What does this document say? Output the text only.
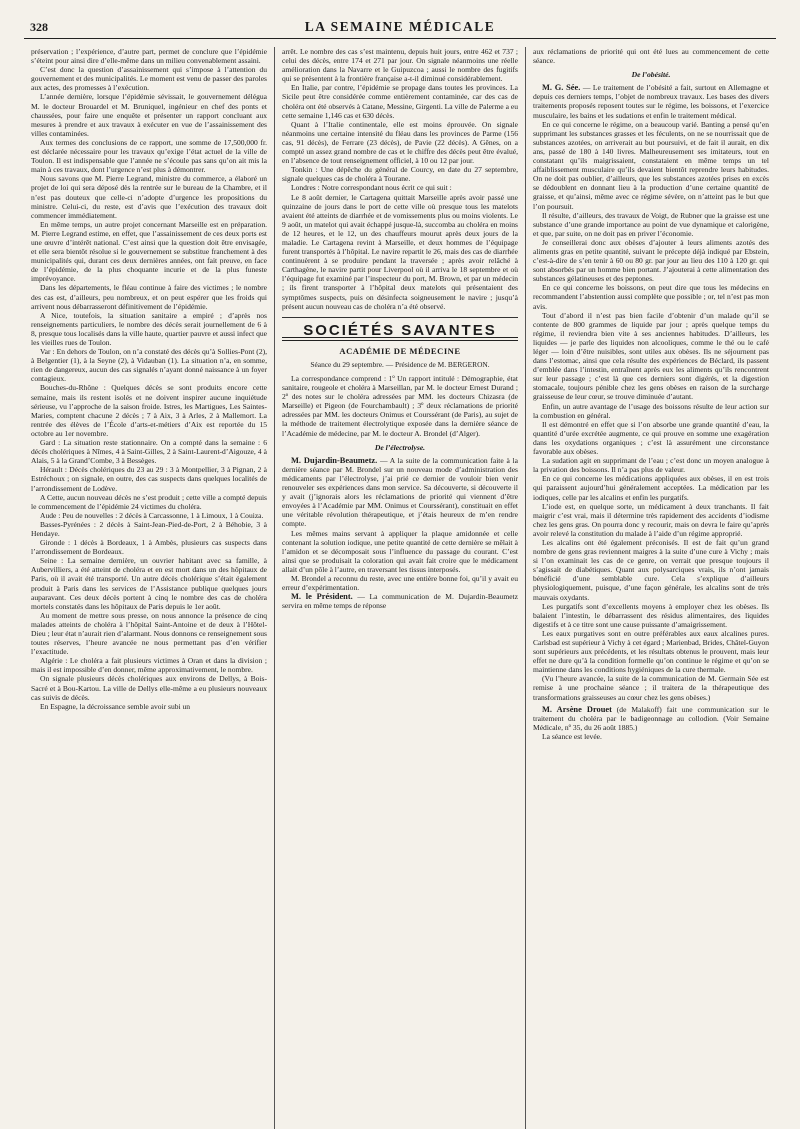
328	LA SEMAINE MÉDICALE

préservation ; l’expérience, d’autre part, permet de conclure que l’épidémie s’éteint pour ainsi dire d’elle-même dans un milieu convenablement assaini.

C’est donc la question d’assainissement qui s’impose à l’attention du gouvernement et des municipalités. Le moment est venu de passer des paroles aux actes, des promesses à l’exécution.

L’année dernière, lorsque l’épidémie sévissait, le gouvernement délégua M. le docteur Brouardel et M. Bruniquel, ingénieur en chef des ponts et chaussées, pour faire une enquête et présenter un rapport concluant aux mesures à prendre et aux travaux à exécuter en vue de l’assainissement des villes contaminées.

Aux termes des conclusions de ce rapport, une somme de 17,500,000 fr. est déclarée nécessaire pour les travaux qu’exige l’état actuel de la ville de Toulon. Il est indispensable que l’année ne s’écoule pas sans qu’on ait mis la main à ces travaux, dont l’urgence n’est plus à démontrer.

Nous savons que M. Pierre Legrand, ministre du commerce, a élaboré un projet de loi qui sera déposé dès la rentrée sur le bureau de la Chambre, et il n’est pas douteux que celle-ci n’adopte d’urgence les propositions du ministre. Celui-ci, du reste, est d’avis que l’exécution des travaux doit commencer immédiatement.

En même temps, un autre projet concernant Marseille est en préparation. M. Pierre Legrand estime, en effet, que l’assainissement de ces deux ports est une œuvre d’intérêt national. C’est ainsi que la question doit être envisagée, et elle sera bientôt résolue si le gouvernement se substitue franchement à des municipalités qui, durant ces deux dernières années, ont fait preuve, en face de l’épidémie, de la plus choquante incurie et de la plus funeste imprévoyance.

Dans les départements, le fléau continue à faire des victimes ; le nombre des cas est, d’ailleurs, peu nombreux, et on peut espérer que les froids qui arrivent nous débarrasseront définitivement de l’épidémie.

A Nice, toutefois, la situation sanitaire a empiré ; d’après nos renseignements particuliers, le nombre des décès serait journellement de 6 à 8, presque tous localisés dans la ville haute, quartier pauvre et aussi infect que les vieilles rues de Toulon.

Var : En dehors de Toulon, on n’a constaté des décès qu’à Sollies-Pont (2), à Belgentier (1), à la Seyne (2), à Vidauban (1). La situation n’a, en somme, rien de dangereux, aucun des cas signalés n’ayant donné naissance à un foyer contagieux.

Bouches-du-Rhône : Quelques décès se sont produits encore cette semaine, mais ils restent isolés et ne doivent inspirer aucune inquiétude sérieuse, vu l’approche de la saison froide. Istres, les Martigues, Les Saintes-Maries, comptent chacune 2 décès ; 7 à Aix, 3 à Arles, 2 à Mallemort. La rentrée des élèves de l’École d’arts-et-métiers d’Aix est reportée du 15 octobre au 1er novembre.

Gard : La situation reste stationnaire. On a compté dans la semaine : 6 décès cholériques à Nîmes, 4 à Saint-Gilles, 2 à Saint-Laurent-d’Aigouze, 4 à Alais, 5 à la Grand’Combe, 3 à Bessèges.

Hérault : Décès cholériques du 23 au 29 : 3 à Montpellier, 3 à Pignan, 2 à Estréchoux ; on signale, en outre, des cas suspects dans quelques localités de l’arrondissement de Lodève.

A Cette, aucun nouveau décès ne s’est produit ; cette ville a compté depuis le commencement de l’épidémie 24 victimes du choléra.

Aude : Peu de nouvelles : 2 décès à Carcassonne, 1 à Limoux, 1 à Couiza.

Basses-Pyrénées : 2 décès à Saint-Jean-Pied-de-Port, 2 à Béhobie, 3 à Hendaye.

Gironde : 1 décès à Bordeaux, 1 à Ambès, plusieurs cas suspects dans l’arrondissement de Bordeaux.

Seine : La semaine dernière, un ouvrier habitant avec sa famille, à Aubervilliers, a été atteint de choléra et en est mort dans un des hôpitaux de Paris, où il avait été transporté. Un autre décès cholérique s’était également produit à Paris dans les services de l’Assistance publique quelques jours auparavant. Ces deux décès portent à cinq le nombre des cas de choléra mortels constatés dans les hôpitaux de Paris depuis le 1er août.

Au moment de mettre sous presse, on nous annonce la présence de cinq malades atteints de choléra à l’hôpital Saint-Antoine et de deux à l’Hôtel-Dieu ; leur état n’aurait rien d’alarmant. Nous donnons ce renseignement sous toutes réserves, l’heure avancée ne nous permettant pas d’en vérifier l’exactitude.

Algérie : Le choléra a fait plusieurs victimes à Oran et dans la division ; mais il est impossible d’en donner, même approximativement, le nombre.

On signale plusieurs décès cholériques aux environs de Dellys, à Bois-Sacré et à Bou-Kartou. La ville de Dellys elle-même a eu plusieurs nouveaux cas suivis de décès.

En Espagne, la décroissance semble avoir subi un

arrêt. Le nombre des cas s’est maintenu, depuis huit jours, entre 462 et 737 ; celui des décès, entre 174 et 271 par jour. On signale néanmoins une réelle amélioration dans la Navarre et le Guipuzcoa ; aussi le nombre des fugitifs qui se présentent à la frontière française a-t-il diminué considérablement.

En Italie, par contre, l’épidémie se propage dans toutes les provinces. La Sicile peut être considérée comme entièrement contaminée, car des cas de choléra ont été observés à Catane, Messine, Girgenti. La ville de Palerme a eu cette semaine 1,146 cas et 630 décès.

Quant à l’Italie continentale, elle est moins éprouvée. On signale néanmoins une certaine intensité du fléau dans les provinces de Parme (156 cas, 91 décès), de Ferrare (23 décès), de Pavie (22 décès). A Gênes, on a compté un assez grand nombre de cas et le chiffre des décès peut être évalué, en l’absence de tout renseignement officiel, à 10 ou 12 par jour.

Tonkin : Une dépêche du général de Courcy, en date du 27 septembre, signale quelques cas de choléra à Tourane.

Londres : Notre correspondant nous écrit ce qui suit :

Le 8 août dernier, le Cartagena quittait Marseille après avoir passé une quinzaine de jours dans le port de cette ville où presque tous les matelots avaient été atteints de diarrhée et de vomissements plus ou moins violents. Le 9 août, un matelot qui avait échappé jusque-là, succomba au choléra en moins de 12 heures, et le 12, un des chauffeurs mourut après deux jours de la maladie. Le Cartagena revint à Marseille, et deux hommes de l’équipage furent transportés à l’hôpital. Le navire repartit le 26, mais des cas de diarrhée continuèrent à se produire pendant la traversée ; après avoir relâché à Carthagène, le navire partit pour Liverpool où il arriva le 18 septembre et où l’équipage fut examiné par l’inspecteur du port, M. Brown, et par un médecin ; ils firent transporter à l’hôpital deux matelots qui présentaient des symptômes suspects, puis on désinfecta soigneusement le navire ; jusqu’à présent aucun nouveau cas de choléra n’a été observé.

SOCIÉTÉS SAVANTES
ACADÉMIE DE MÉDECINE
Séance du 29 septembre. — Présidence de M. BERGERON.

La correspondance comprend : 1º Un rapport intitulé : Démographie, état sanitaire, rougeole et choléra à Marseillan, par M. le docteur Ernest Durand ; 2º des notes sur le choléra adressées par MM. les docteurs Chizasra (de Marseille) et Pigeon (de Fourchambault) ; 3º deux réclamations de priorité adressées par MM. les docteurs Onimus et Courssérant (de Paris), au sujet de la méthode de traitement électrolytique exposée dans la dernière séance de l’Académie de médecine, par M. le docteur A. Brondel (d’Alger).

De l’électrolyse.

M. Dujardin-Beaumetz. — A la suite de la communication faite à la dernière séance par M. Brondel sur un nouveau mode d’administration des médicaments par l’électrolyse, j’ai prié ce dernier de vouloir bien venir renouveler ses expériences dans mon service. Sa découverte, si découverte il y avait (j’ignorais alors les réclamations de priorité qui viennent d’être envoyées à l’Académie par MM. Onimus et Courssérant), constituait en effet une véritable révolution thérapeutique, et j’étais heureux de m’en rendre compte.

Les mêmes mains servant à appliquer la plaque amidonnée et celle contenant la solution iodique, une petite quantité de cette dernière se mêlait à l’amidon et se décomposait sous l’influence du passage du courant. C’est ainsi que se produisait la coloration qui avait fait croire que le médicament allait d’un pôle à l’autre, en traversant les tissus interposés.

M. Brondel a reconnu du reste, avec une entière bonne foi, qu’il y avait eu erreur d’expérimentation.

M. le Président. — La communication de M. Dujardin-Beaumetz servira en même temps de réponse

aux réclamations de priorité qui ont été lues au commencement de cette séance.

De l’obésité.

M. G. Sée. — Le traitement de l’obésité a fait, surtout en Allemagne et depuis ces derniers temps, l’objet de nombreux travaux. Les bases des divers traitements proposés reposent toutes sur le régime, les boissons, et l’exercice musculaire, les bains et les sudations et enfin le traitement médical.

En ce qui concerne le régime, on a beaucoup varié. Banting a pensé qu’en supprimant les substances grasses et les féculents, on ne se nourrissait que de substances azotées, on arriverait au but poursuivi, et de fait il aurait, en dix ans, passé de 180 à 140 livres. Malheureusement ses imitateurs, tout en constatant qu’ils maigrissaient, constataient en même temps un tel affaiblissement musculaire qu’ils devaient bientôt reprendre leurs habitudes. On ne doit pas oublier, d’ailleurs, que les substances azotées prises en excès se dédoublent en donnant lieu à la production d’une certaine quantité de graisse, et qu’ainsi, même avec ce régime sévère, on n’atteint pas le but que l’on poursuit.

Il résulte, d’ailleurs, des travaux de Voigt, de Rubner que la graisse est une substance d’une grande importance au point de vue dynamique et calorigène, et que, par suite, on ne doit pas en priver l’économie.

Je conseillerai donc aux obèses d’ajouter à leurs aliments azotés des aliments gras en petite quantité, suivant le précepte déjà indiqué par Ebstein, c’est-à-dire de s’en tenir à 60 ou 80 gr. par jour au lieu des 110 à 120 gr. qui sont absorbés par un homme bien portant. J’ajouterai à cette alimentation des substances gélatineuses et des peptones.

En ce qui concerne les boissons, on peut dire que tous les médecins en recommandent l’abstention aussi complète que possible ; or, tel n’est pas mon avis.

Tout d’abord il n’est pas bien facile d’obtenir d’un malade qu’il se contente de 800 grammes de liquide par jour ; après quelque temps du régime, il reviendra bien vite à ses anciennes habitudes. D’ailleurs, les liquides — je parle des liquides non alcooliques, comme le thé ou le café léger — loin d’être nuisibles, sont utiles aux obèses. Ils ne séjournent pas dans l’estomac, ainsi que cela résulte des expériences de Béclard, ils passent d’emblée dans l’intestin, entraînent après eux les aliments qu’ils rencontrent sur leur passage ; c’est là que ces derniers sont digérés, et la digestion stomacale, toujours pénible chez les gens obèses en raison de la surcharge graisseuse de leur cœur, se trouve diminuée d’autant.

Enfin, un autre avantage de l’usage des boissons résulte de leur action sur la combustion en général.

Il est démontré en effet que si l’on absorbe une grande quantité d’eau, la quantité d’urée excrétée augmente, ce qui prouve en somme une exagération dans les oxydations organiques ; c’est là assurément une circonstance favorable aux obèses.

La sudation agit en supprimant de l’eau ; c’est donc un moyen analogue à la privation des boissons. Il n’a pas plus de valeur.

En ce qui concerne les médications appliquées aux obèses, il en est trois qui paraissent aujourd’hui généralement acceptées. La médication par les iodiques, celle par les alcalins et enfin les purgatifs.

L’iode est, en quelque sorte, un médicament à deux tranchants. Il fait maigrir c’est vrai, mais il détermine très rapidement des accidents d’iodisme chez les gens gras. On pourra donc y recourir, mais on devra le faire qu’après avoir relevé la constitution du malade à l’aide d’un régime approprié.

Les alcalins ont été également préconisés. Il est de fait qu’un grand nombre de gens gras reviennent maigres à la suite d’une cure à Vichy ; mais si l’on examinait les cas de ce genre, on verrait que presque toujours il s’agissait de diabétiques. Quant aux polysarciques vrais, ils n’ont jamais bénéficié d’une semblable cure. Cela s’explique d’ailleurs physiologiquement, puisque, d’une façon générale, les alcalins sont de très mauvais oxydants.

Les purgatifs sont d’excellents moyens à employer chez les obèses. Ils balaient l’intestin, le débarrassent des résidus alimentaires, des liquides digestifs et à ce titre sont une cause puissante d’amaigrissement.

Les eaux purgatives sont en outre préférables aux eaux alcalines pures. Carlsbad est supérieur à Vichy à cet égard ; Marienbad, Brides, Châtel-Guyon sont supérieurs aux précédents, et les résultats obtenus le prouvent, mais leur effet ne dure qu’à la condition formelle qu’on continue le régime et qu’on se maintienne dans les conditions hygiéniques de la cure thermale.

(Vu l’heure avancée, la suite de la communication de M. Germain Sée est remise à une prochaine séance ; il traitera de la thérapeutique des transformations graisseuses au cœur chez les gens obèses.)

M. Arsène Drouet (de Malakoff) fait une communication sur le traitement du choléra par le badigeonnage au collodion. (Voir Semaine Médicale, nº 35, du 26 août 1885.)

La séance est levée.
